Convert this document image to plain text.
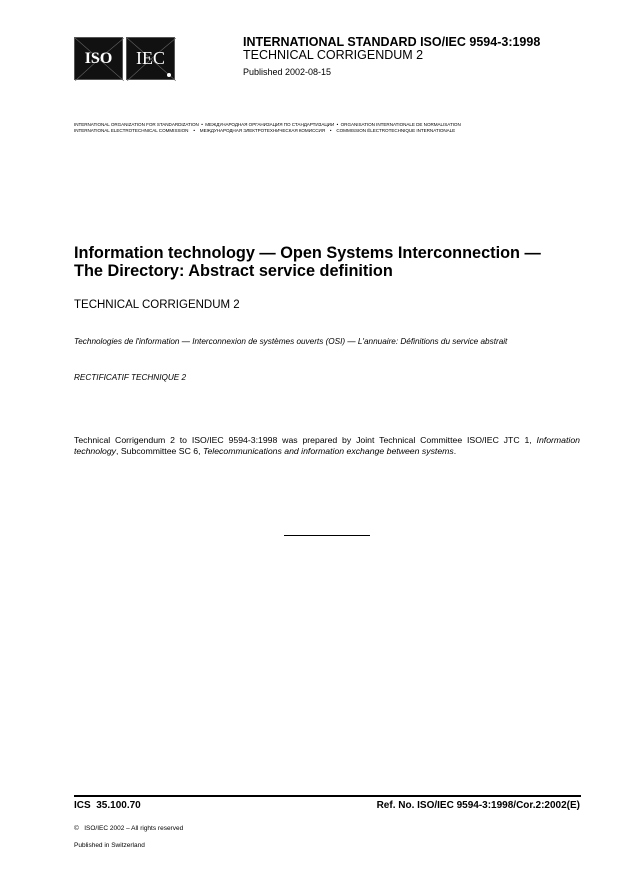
ISO IEC
INTERNATIONAL STANDARD ISO/IEC 9594-3:1998
TECHNICAL CORRIGENDUM 2
Published 2002-08-15
INTERNATIONAL ORGANIZATION FOR STANDARDIZATION  •  МЕЖДУНАРОДНАЯ ОРГАНИЗАЦИЯ ПО СТАНДАРТИЗАЦИИ  •  ORGANISATION INTERNATIONALE DE NORMALISATION
INTERNATIONAL ELECTROTECHNICAL COMMISSION    •    МЕЖДУНАРОДНАЯ ЭЛЕКТРОТЕХНИЧЕСКАЯ КОМИССИЯ    •    COMMISSION ÉLECTROTECHNIQUE INTERNATIONALE
Information technology — Open Systems Interconnection —
The Directory: Abstract service definition
TECHNICAL CORRIGENDUM 2
Technologies de l'information — Interconnexion de systèmes ouverts (OSI) — L'annuaire: Définitions du service abstrait
RECTIFICATIF TECHNIQUE 2
Technical Corrigendum 2 to ISO/IEC 9594-3:1998 was prepared by Joint Technical Committee ISO/IEC JTC 1, Information technology, Subcommittee SC 6, Telecommunications and information exchange between systems.
ICS  35.100.70	Ref. No. ISO/IEC 9594-3:1998/Cor.2:2002(E)
©   ISO/IEC 2002 – All rights reserved
Published in Switzerland
